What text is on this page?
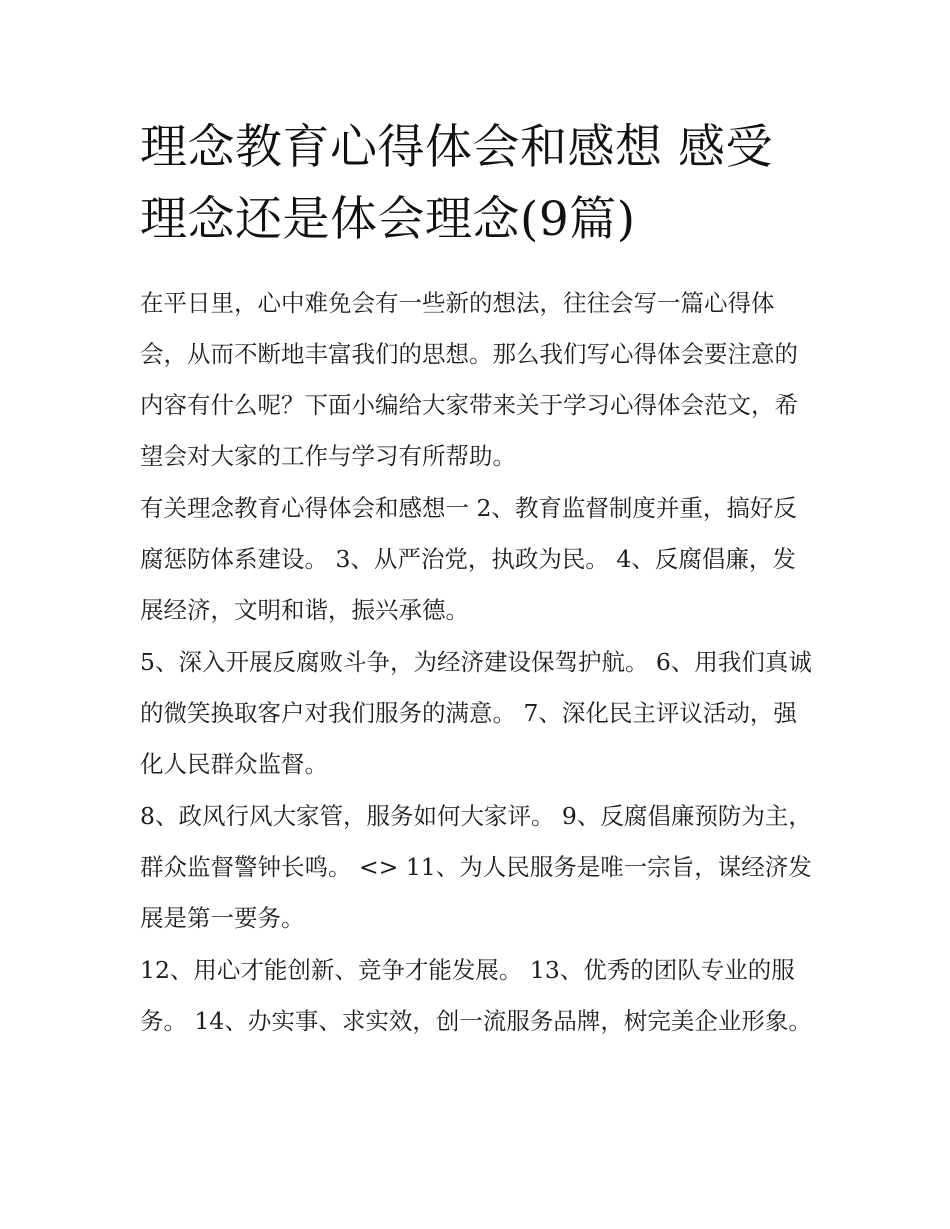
理念教育心得体会和感想 感受理念还是体会理念(9篇)

在平日里，心中难免会有一些新的想法，往往会写一篇心得体会，从而不断地丰富我们的思想。那么我们写心得体会要注意的内容有什么呢？下面小编给大家带来关于学习心得体会范文，希望会对大家的工作与学习有所帮助。

有关理念教育心得体会和感想一 2、教育监督制度并重，搞好反腐惩防体系建设。 3、从严治党，执政为民。 4、反腐倡廉，发展经济，文明和谐，振兴承德。

5、深入开展反腐败斗争，为经济建设保驾护航。 6、用我们真诚的微笑换取客户对我们服务的满意。 7、深化民主评议活动，强化人民群众监督。

8、政风行风大家管，服务如何大家评。 9、反腐倡廉预防为主，群众监督警钟长鸣。 <> 11、为人民服务是唯一宗旨，谋经济发展是第一要务。

12、用心才能创新、竞争才能发展。 13、优秀的团队专业的服务。 14、办实事、求实效，创一流服务品牌，树完美企业形象。
